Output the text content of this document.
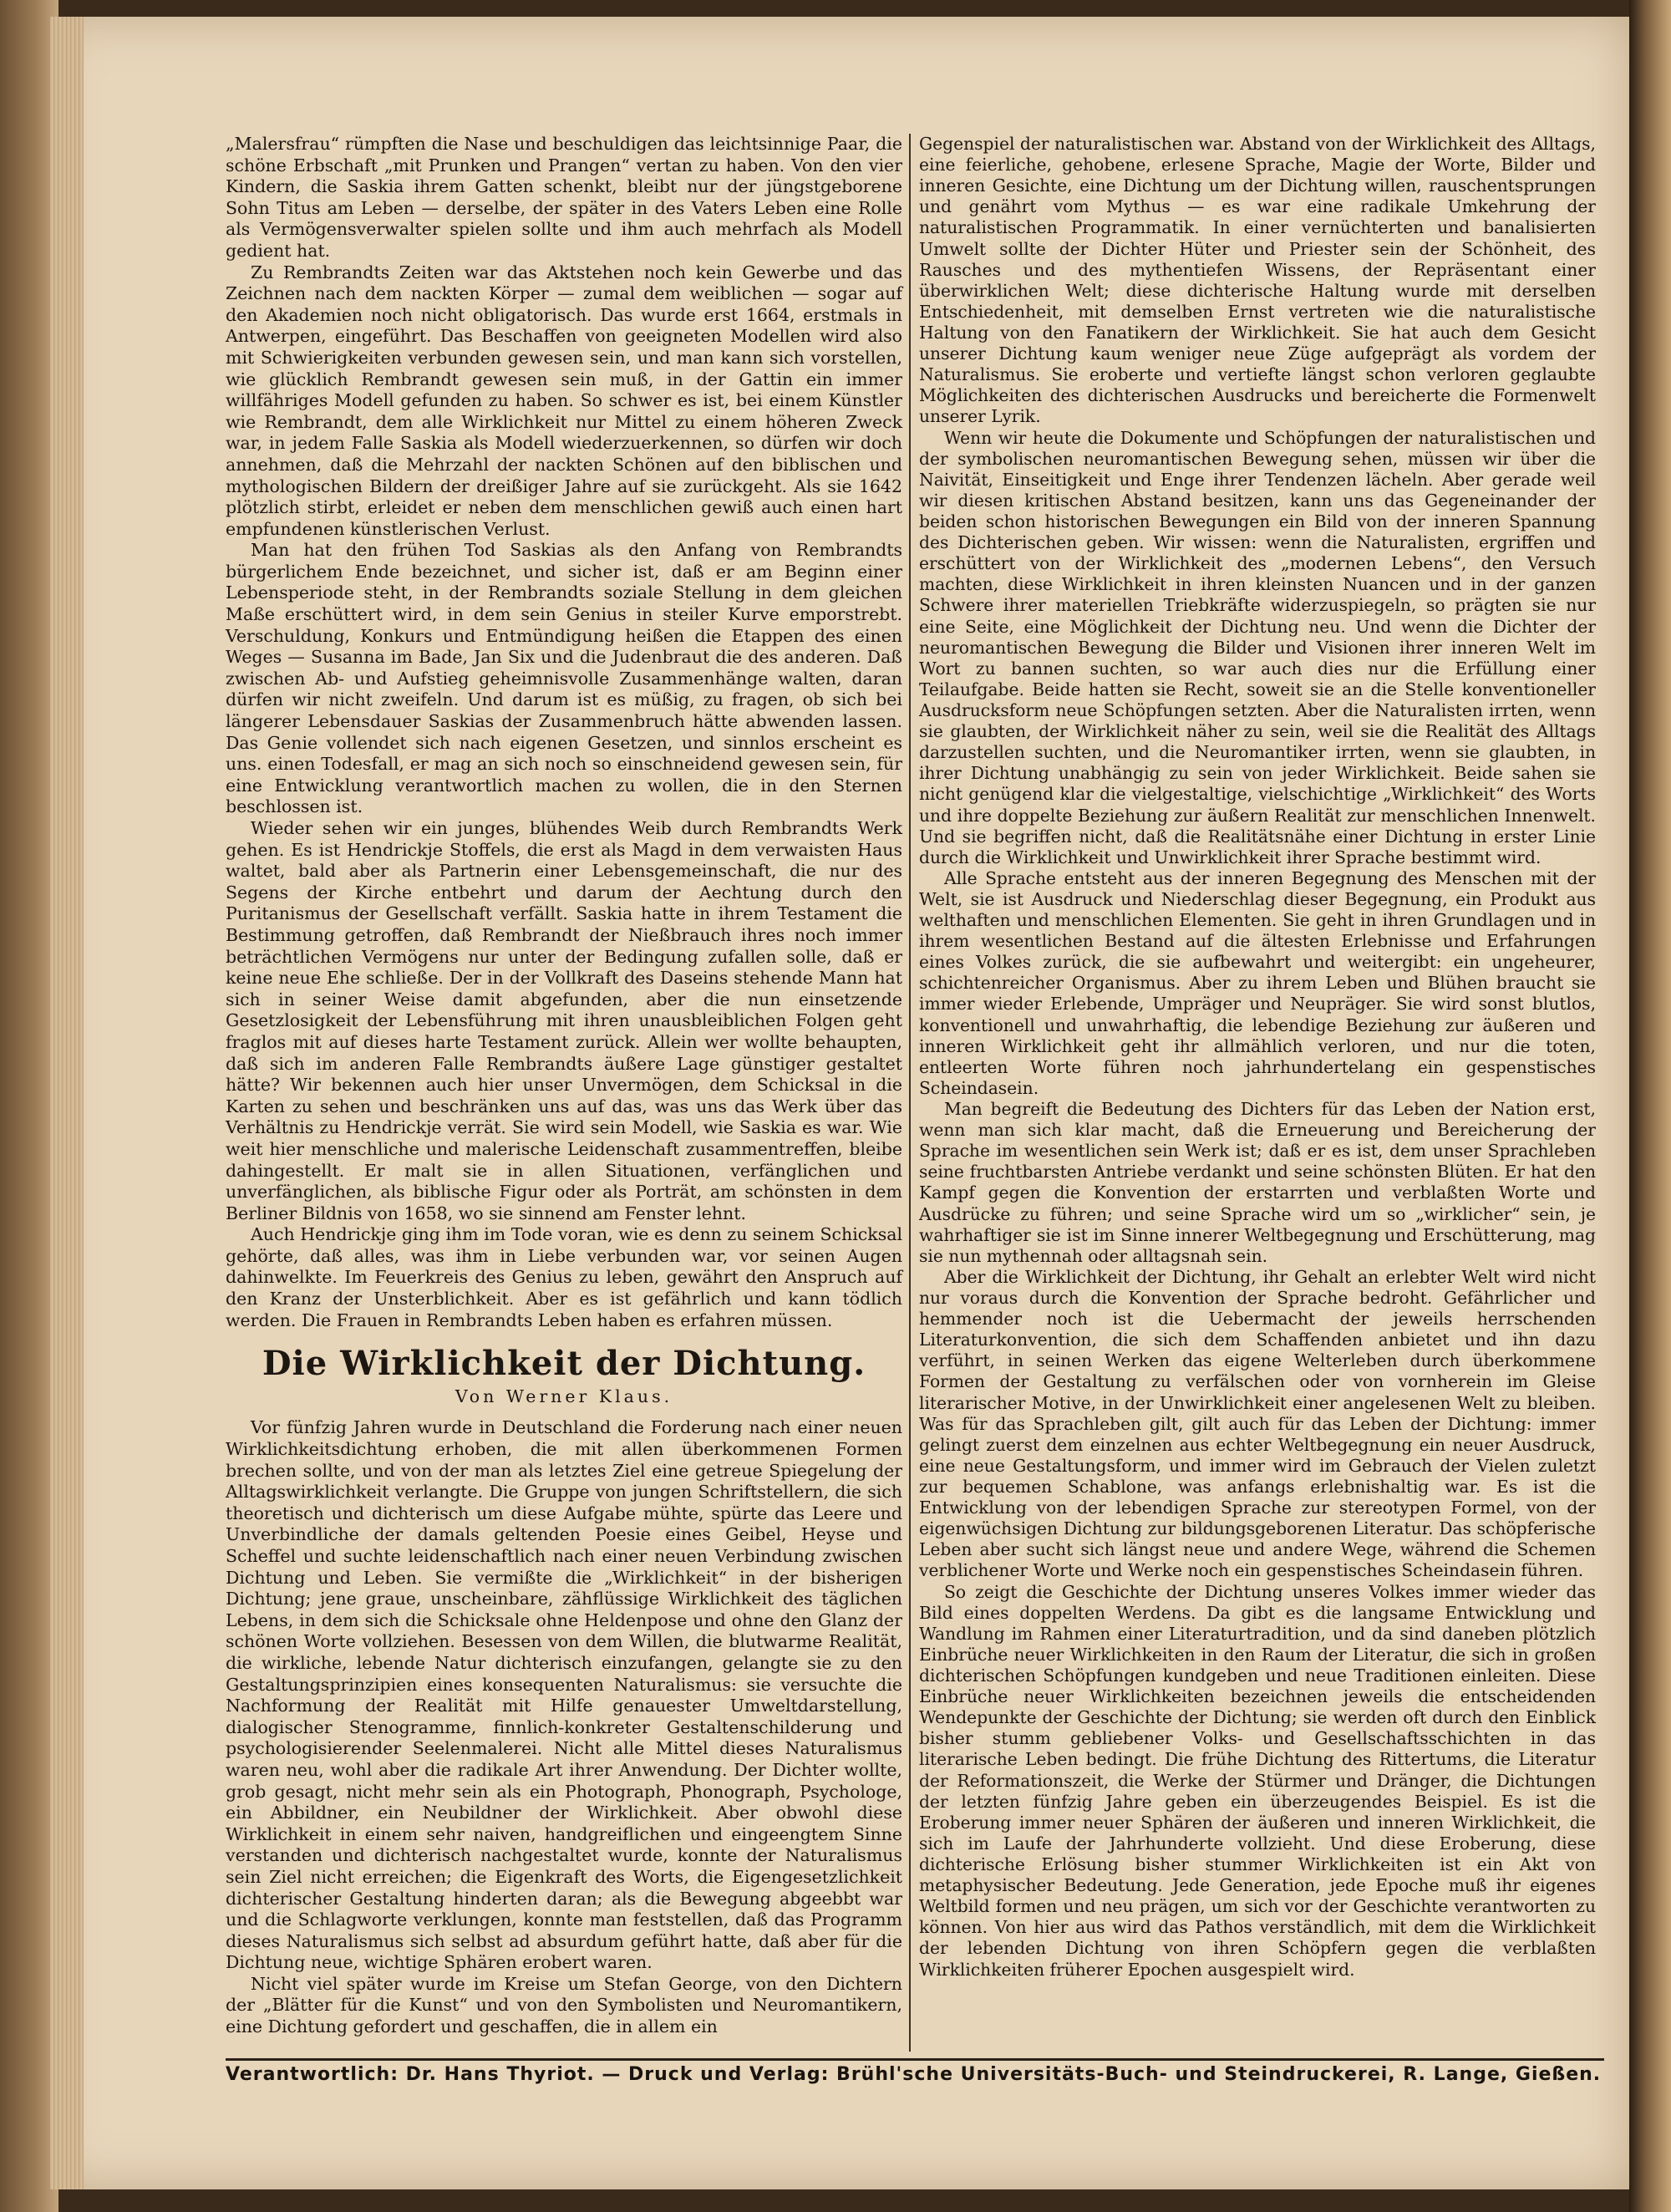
„Malersfrau“ rümpften die Nase und beschuldigen das leichtsinnige Paar, die schöne Erbschaft „mit Prunken und Prangen“ vertan zu haben. Von den vier Kindern, die Saskia ihrem Gatten schenkt, bleibt nur der jüngstgeborene Sohn Titus am Leben — derselbe, der später in des Vaters Leben eine Rolle als Vermögensverwalter spielen sollte und ihm auch mehrfach als Modell gedient hat.

Zu Rembrandts Zeiten war das Aktstehen noch kein Gewerbe und das Zeichnen nach dem nackten Körper — zumal dem weiblichen — sogar auf den Akademien noch nicht obligatorisch. Das wurde erst 1664, erstmals in Antwerpen, eingeführt. Das Beschaffen von geeigneten Modellen wird also mit Schwierigkeiten verbunden gewesen sein, und man kann sich vorstellen, wie glücklich Rembrandt gewesen sein muß, in der Gattin ein immer willfähriges Modell gefunden zu haben. So schwer es ist, bei einem Künstler wie Rembrandt, dem alle Wirklichkeit nur Mittel zu einem höheren Zweck war, in jedem Falle Saskia als Modell wiederzuerkennen, so dürfen wir doch annehmen, daß die Mehrzahl der nackten Schönen auf den biblischen und mythologischen Bildern der dreißiger Jahre auf sie zurückgeht. Als sie 1642 plötzlich stirbt, erleidet er neben dem menschlichen gewiß auch einen hart empfundenen künstlerischen Verlust.

Man hat den frühen Tod Saskias als den Anfang von Rembrandts bürgerlichem Ende bezeichnet, und sicher ist, daß er am Beginn einer Lebensperiode steht, in der Rembrandts soziale Stellung in dem gleichen Maße erschüttert wird, in dem sein Genius in steiler Kurve emporstrebt. Verschuldung, Konkurs und Entmündigung heißen die Etappen des einen Weges — Susanna im Bade, Jan Six und die Judenbraut die des anderen. Daß zwischen Ab- und Aufstieg geheimnisvolle Zusammenhänge walten, daran dürfen wir nicht zweifeln. Und darum ist es müßig, zu fragen, ob sich bei längerer Lebensdauer Saskias der Zusammenbruch hätte abwenden lassen. Das Genie vollendet sich nach eigenen Gesetzen, und sinnlos erscheint es uns. einen Todesfall, er mag an sich noch so einschneidend gewesen sein, für eine Entwicklung verantwortlich machen zu wollen, die in den Sternen beschlossen ist.

Wieder sehen wir ein junges, blühendes Weib durch Rembrandts Werk gehen. Es ist Hendrickje Stoffels, die erst als Magd in dem verwaisten Haus waltet, bald aber als Partnerin einer Lebensgemeinschaft, die nur des Segens der Kirche entbehrt und darum der Aechtung durch den Puritanismus der Gesellschaft verfällt. Saskia hatte in ihrem Testament die Bestimmung getroffen, daß Rembrandt der Nießbrauch ihres noch immer beträchtlichen Vermögens nur unter der Bedingung zufallen solle, daß er keine neue Ehe schließe. Der in der Vollkraft des Daseins stehende Mann hat sich in seiner Weise damit abgefunden, aber die nun einsetzende Gesetzlosigkeit der Lebensführung mit ihren unausbleiblichen Folgen geht fraglos mit auf dieses harte Testament zurück. Allein wer wollte behaupten, daß sich im anderen Falle Rembrandts äußere Lage günstiger gestaltet hätte? Wir bekennen auch hier unser Unvermögen, dem Schicksal in die Karten zu sehen und beschränken uns auf das, was uns das Werk über das Verhältnis zu Hendrickje verrät. Sie wird sein Modell, wie Saskia es war. Wie weit hier menschliche und malerische Leidenschaft zusammentreffen, bleibe dahingestellt. Er malt sie in allen Situationen, verfänglichen und unverfänglichen, als biblische Figur oder als Porträt, am schönsten in dem Berliner Bildnis von 1658, wo sie sinnend am Fenster lehnt.

Auch Hendrickje ging ihm im Tode voran, wie es denn zu seinem Schicksal gehörte, daß alles, was ihm in Liebe verbunden war, vor seinen Augen dahinwelkte. Im Feuerkreis des Genius zu leben, gewährt den Anspruch auf den Kranz der Unsterblichkeit. Aber es ist gefährlich und kann tödlich werden. Die Frauen in Rembrandts Leben haben es erfahren müssen.

Die Wirklichkeit der Dichtung.
Von Werner Klaus.

Vor fünfzig Jahren wurde in Deutschland die Forderung nach einer neuen Wirklichkeitsdichtung erhoben, die mit allen überkommenen Formen brechen sollte, und von der man als letztes Ziel eine getreue Spiegelung der Alltagswirklichkeit verlangte. Die Gruppe von jungen Schriftstellern, die sich theoretisch und dichterisch um diese Aufgabe mühte, spürte das Leere und Unverbindliche der damals geltenden Poesie eines Geibel, Heyse und Scheffel und suchte leidenschaftlich nach einer neuen Verbindung zwischen Dichtung und Leben. Sie vermißte die „Wirklichkeit“ in der bisherigen Dichtung; jene graue, unscheinbare, zähflüssige Wirklichkeit des täglichen Lebens, in dem sich die Schicksale ohne Heldenpose und ohne den Glanz der schönen Worte vollziehen. Besessen von dem Willen, die blutwarme Realität, die wirkliche, lebende Natur dichterisch einzufangen, gelangte sie zu den Gestaltungsprinzipien eines konsequenten Naturalismus: sie versuchte die Nachformung der Realität mit Hilfe genauester Umweltdarstellung, dialogischer Stenogramme, finnlich-konkreter Gestaltenschilderung und psychologisierender Seelenmalerei. Nicht alle Mittel dieses Naturalismus waren neu, wohl aber die radikale Art ihrer Anwendung. Der Dichter wollte, grob gesagt, nicht mehr sein als ein Photograph, Phonograph, Psychologe, ein Abbildner, ein Neubildner der Wirklichkeit. Aber obwohl diese Wirklichkeit in einem sehr naiven, handgreiflichen und eingeengtem Sinne verstanden und dichterisch nachgestaltet wurde, konnte der Naturalismus sein Ziel nicht erreichen; die Eigenkraft des Worts, die Eigengesetzlichkeit dichterischer Gestaltung hinderten daran; als die Bewegung abgeebbt war und die Schlagworte verklungen, konnte man feststellen, daß das Programm dieses Naturalismus sich selbst ad absurdum geführt hatte, daß aber für die Dichtung neue, wichtige Sphären erobert waren.

Nicht viel später wurde im Kreise um Stefan George, von den Dichtern der „Blätter für die Kunst“ und von den Symbolisten und Neuromantikern, eine Dichtung gefordert und geschaffen, die in allem ein

Gegenspiel der naturalistischen war. Abstand von der Wirklichkeit des Alltags, eine feierliche, gehobene, erlesene Sprache, Magie der Worte, Bilder und inneren Gesichte, eine Dichtung um der Dichtung willen, rauschentsprungen und genährt vom Mythus — es war eine radikale Umkehrung der naturalistischen Programmatik. In einer vernüchterten und banalisierten Umwelt sollte der Dichter Hüter und Priester sein der Schönheit, des Rausches und des mythentiefen Wissens, der Repräsentant einer überwirklichen Welt; diese dichterische Haltung wurde mit derselben Entschiedenheit, mit demselben Ernst vertreten wie die naturalistische Haltung von den Fanatikern der Wirklichkeit. Sie hat auch dem Gesicht unserer Dichtung kaum weniger neue Züge aufgeprägt als vordem der Naturalismus. Sie eroberte und vertiefte längst schon verloren geglaubte Möglichkeiten des dichterischen Ausdrucks und bereicherte die Formenwelt unserer Lyrik.

Wenn wir heute die Dokumente und Schöpfungen der naturalistischen und der symbolischen neuromantischen Bewegung sehen, müssen wir über die Naivität, Einseitigkeit und Enge ihrer Tendenzen lächeln. Aber gerade weil wir diesen kritischen Abstand besitzen, kann uns das Gegeneinander der beiden schon historischen Bewegungen ein Bild von der inneren Spannung des Dichterischen geben. Wir wissen: wenn die Naturalisten, ergriffen und erschüttert von der Wirklichkeit des „modernen Lebens“, den Versuch machten, diese Wirklichkeit in ihren kleinsten Nuancen und in der ganzen Schwere ihrer materiellen Triebkräfte widerzuspiegeln, so prägten sie nur eine Seite, eine Möglichkeit der Dichtung neu. Und wenn die Dichter der neuromantischen Bewegung die Bilder und Visionen ihrer inneren Welt im Wort zu bannen suchten, so war auch dies nur die Erfüllung einer Teilaufgabe. Beide hatten sie Recht, soweit sie an die Stelle konventioneller Ausdrucksform neue Schöpfungen setzten. Aber die Naturalisten irrten, wenn sie glaubten, der Wirklichkeit näher zu sein, weil sie die Realität des Alltags darzustellen suchten, und die Neuromantiker irrten, wenn sie glaubten, in ihrer Dichtung unabhängig zu sein von jeder Wirklichkeit. Beide sahen sie nicht genügend klar die vielgestaltige, vielschichtige „Wirklichkeit“ des Worts und ihre doppelte Beziehung zur äußern Realität zur menschlichen Innenwelt. Und sie begriffen nicht, daß die Realitätsnähe einer Dichtung in erster Linie durch die Wirklichkeit und Unwirklichkeit ihrer Sprache bestimmt wird.

Alle Sprache entsteht aus der inneren Begegnung des Menschen mit der Welt, sie ist Ausdruck und Niederschlag dieser Begegnung, ein Produkt aus welthaften und menschlichen Elementen. Sie geht in ihren Grundlagen und in ihrem wesentlichen Bestand auf die ältesten Erlebnisse und Erfahrungen eines Volkes zurück, die sie aufbewahrt und weitergibt: ein ungeheurer, schichtenreicher Organismus. Aber zu ihrem Leben und Blühen braucht sie immer wieder Erlebende, Umpräger und Neupräger. Sie wird sonst blutlos, konventionell und unwahrhaftig, die lebendige Beziehung zur äußeren und inneren Wirklichkeit geht ihr allmählich verloren, und nur die toten, entleerten Worte führen noch jahrhundertelang ein gespenstisches Scheindasein.

Man begreift die Bedeutung des Dichters für das Leben der Nation erst, wenn man sich klar macht, daß die Erneuerung und Bereicherung der Sprache im wesentlichen sein Werk ist; daß er es ist, dem unser Sprachleben seine fruchtbarsten Antriebe verdankt und seine schönsten Blüten. Er hat den Kampf gegen die Konvention der erstarrten und verblaßten Worte und Ausdrücke zu führen; und seine Sprache wird um so „wirklicher“ sein, je wahrhaftiger sie ist im Sinne innerer Weltbegegnung und Erschütterung, mag sie nun mythennah oder alltagsnah sein.

Aber die Wirklichkeit der Dichtung, ihr Gehalt an erlebter Welt wird nicht nur voraus durch die Konvention der Sprache bedroht. Gefährlicher und hemmender noch ist die Uebermacht der jeweils herrschenden Literaturkonvention, die sich dem Schaffenden anbietet und ihn dazu verführt, in seinen Werken das eigene Welterleben durch überkommene Formen der Gestaltung zu verfälschen oder von vornherein im Gleise literarischer Motive, in der Unwirklichkeit einer angelesenen Welt zu bleiben. Was für das Sprachleben gilt, gilt auch für das Leben der Dichtung: immer gelingt zuerst dem einzelnen aus echter Weltbegegnung ein neuer Ausdruck, eine neue Gestaltungsform, und immer wird im Gebrauch der Vielen zuletzt zur bequemen Schablone, was anfangs erlebnishaltig war. Es ist die Entwicklung von der lebendigen Sprache zur stereotypen Formel, von der eigenwüchsigen Dichtung zur bildungsgeborenen Literatur. Das schöpferische Leben aber sucht sich längst neue und andere Wege, während die Schemen verblichener Worte und Werke noch ein gespenstisches Scheindasein führen.

So zeigt die Geschichte der Dichtung unseres Volkes immer wieder das Bild eines doppelten Werdens. Da gibt es die langsame Entwicklung und Wandlung im Rahmen einer Literaturtradition, und da sind daneben plötzlich Einbrüche neuer Wirklichkeiten in den Raum der Literatur, die sich in großen dichterischen Schöpfungen kundgeben und neue Traditionen einleiten. Diese Einbrüche neuer Wirklichkeiten bezeichnen jeweils die entscheidenden Wendepunkte der Geschichte der Dichtung; sie werden oft durch den Einblick bisher stumm gebliebener Volks- und Gesellschaftsschichten in das literarische Leben bedingt. Die frühe Dichtung des Rittertums, die Literatur der Reformationszeit, die Werke der Stürmer und Dränger, die Dichtungen der letzten fünfzig Jahre geben ein überzeugendes Beispiel. Es ist die Eroberung immer neuer Sphären der äußeren und inneren Wirklichkeit, die sich im Laufe der Jahrhunderte vollzieht. Und diese Eroberung, diese dichterische Erlösung bisher stummer Wirklichkeiten ist ein Akt von metaphysischer Bedeutung. Jede Generation, jede Epoche muß ihr eigenes Weltbild formen und neu prägen, um sich vor der Geschichte verantworten zu können. Von hier aus wird das Pathos verständlich, mit dem die Wirklichkeit der lebenden Dichtung von ihren Schöpfern gegen die verblaßten Wirklichkeiten früherer Epochen ausgespielt wird.

Verantwortlich: Dr. Hans Thyriot. — Druck und Verlag: Brühl'sche Universitäts-Buch- und Steindruckerei, R. Lange, Gießen.
